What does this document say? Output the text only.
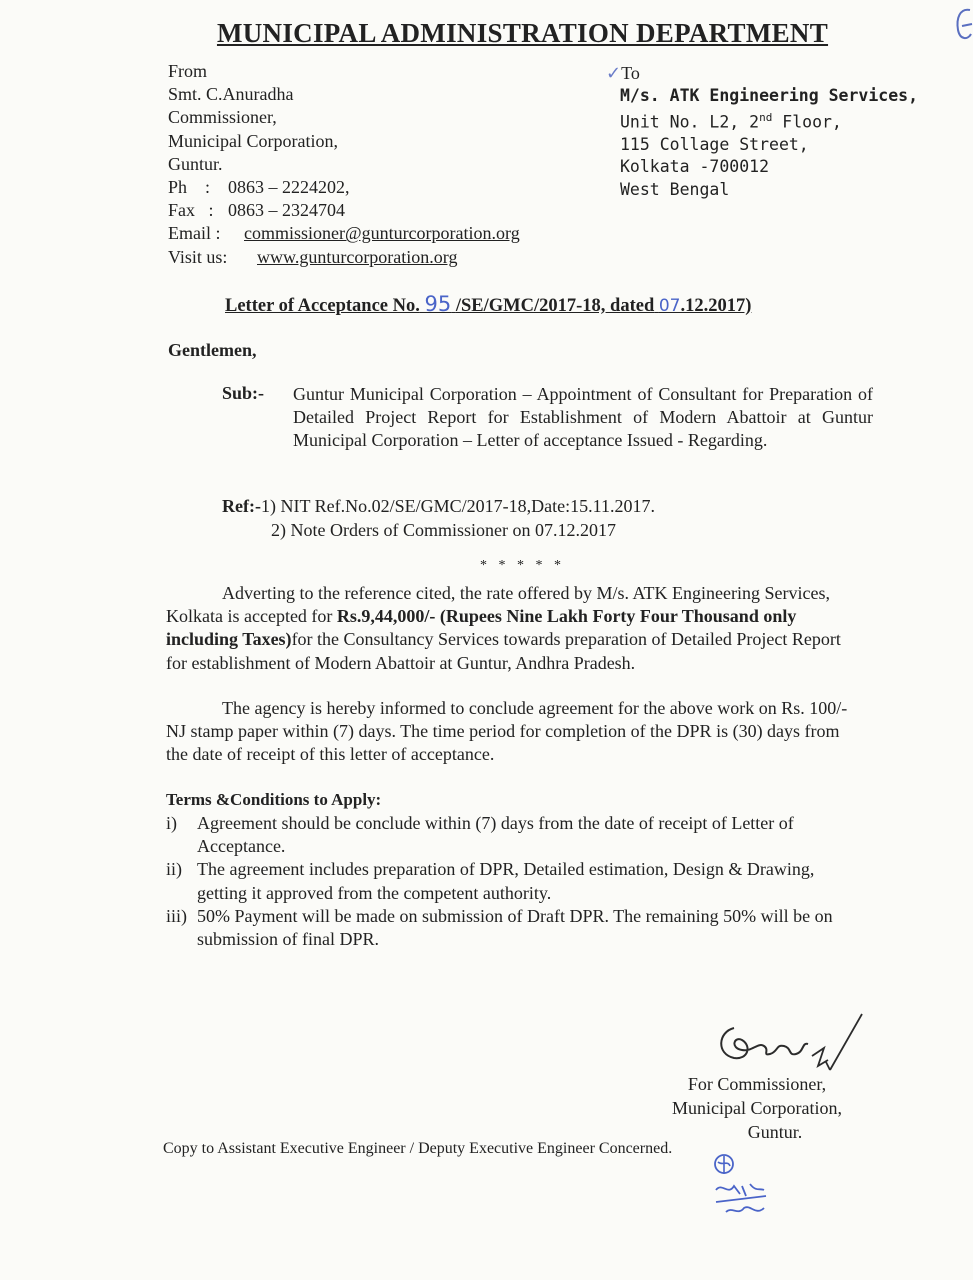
MUNICIPAL ADMINISTRATION DEPARTMENT
From
Smt. C.Anuradha
Commissioner,
Municipal Corporation,
Guntur.
Ph : 0863 – 2224202,
Fax : 0863 – 2324704
Email : commissioner@gunturcorporation.org
Visit us: www.gunturcorporation.org
✓To
M/s. ATK Engineering Services,
Unit No. L2, 2nd Floor,
115 Collage Street,
Kolkata -700012
West Bengal
Letter of Acceptance No. 95 /SE/GMC/2017-18, dated 07.12.2017)
Gentlemen,
Sub:- Guntur Municipal Corporation – Appointment of Consultant for Preparation of Detailed Project Report for Establishment of Modern Abattoir at Guntur Municipal Corporation – Letter of acceptance Issued - Regarding.
Ref:-1) NIT Ref.No.02/SE/GMC/2017-18,Date:15.11.2017.
2) Note Orders of Commissioner on 07.12.2017
* * * * *
Adverting to the reference cited, the rate offered by M/s. ATK Engineering Services, Kolkata is accepted for Rs.9,44,000/- (Rupees Nine Lakh Forty Four Thousand only including Taxes)for the Consultancy Services towards preparation of Detailed Project Report for establishment of Modern Abattoir at Guntur, Andhra Pradesh.
The agency is hereby informed to conclude agreement for the above work on Rs. 100/- NJ stamp paper within (7) days. The time period for completion of the DPR is (30) days from the date of receipt of this letter of acceptance.
Terms &Conditions to Apply:
i) Agreement should be conclude within (7) days from the date of receipt of Letter of Acceptance.
ii) The agreement includes preparation of DPR, Detailed estimation, Design & Drawing, getting it approved from the competent authority.
iii) 50% Payment will be made on submission of Draft DPR. The remaining 50% will be on submission of final DPR.
For Commissioner,
Municipal Corporation,
Guntur.
Copy to Assistant Executive Engineer / Deputy Executive Engineer Concerned.
